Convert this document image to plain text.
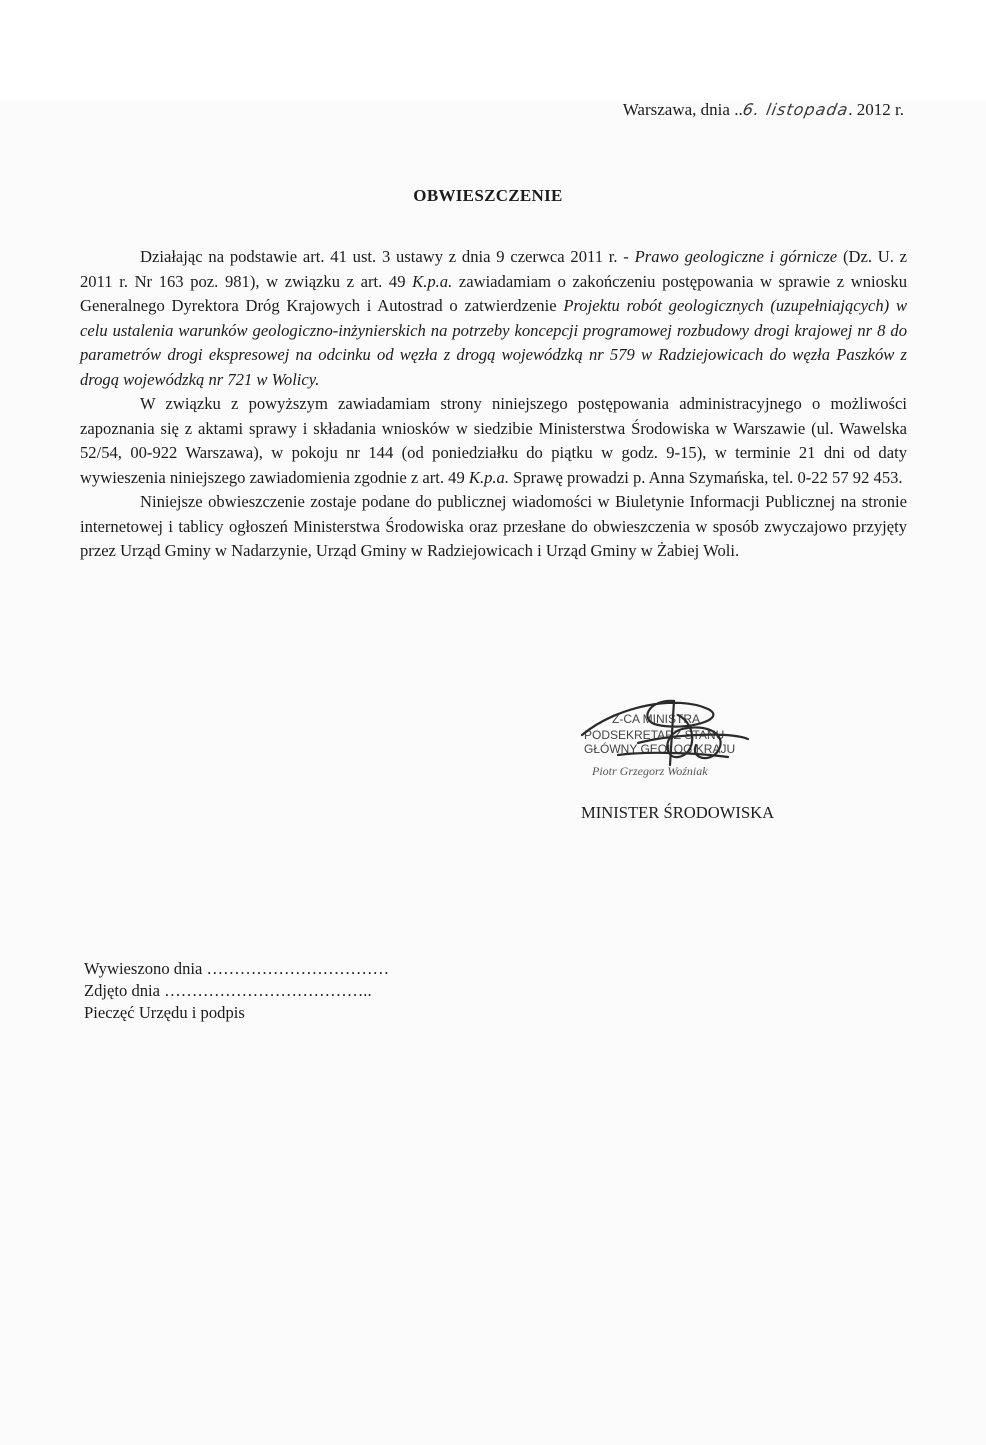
Warszawa, dnia ..6. listopada. 2012 r.
OBWIESZCZENIE

Działając na podstawie art. 41 ust. 3 ustawy z dnia 9 czerwca 2011 r. - Prawo geologiczne i górnicze (Dz. U. z 2011 r. Nr 163 poz. 981), w związku z art. 49 K.p.a. zawiadamiam o zakończeniu postępowania w sprawie z wniosku Generalnego Dyrektora Dróg Krajowych i Autostrad o zatwierdzenie Projektu robót geologicznych (uzupełniających) w celu ustalenia warunków geologiczno-inżynierskich na potrzeby koncepcji programowej rozbudowy drogi krajowej nr 8 do parametrów drogi ekspresowej na odcinku od węzła z drogą wojewódzką nr 579 w Radziejowicach do węzła Paszków z drogą wojewódzką nr 721 w Wolicy.

W związku z powyższym zawiadamiam strony niniejszego postępowania administracyjnego o możliwości zapoznania się z aktami sprawy i składania wniosków w siedzibie Ministerstwa Środowiska w Warszawie (ul. Wawelska 52/54, 00-922 Warszawa), w pokoju nr 144 (od poniedziałku do piątku w godz. 9-15), w terminie 21 dni od daty wywieszenia niniejszego zawiadomienia zgodnie z art. 49 K.p.a. Sprawę prowadzi p. Anna Szymańska, tel. 0-22 57 92 453.

Niniejsze obwieszczenie zostaje podane do publicznej wiadomości w Biuletynie Informacji Publicznej na stronie internetowej i tablicy ogłoszeń Ministerstwa Środowiska oraz przesłane do obwieszczenia w sposób zwyczajowo przyjęty przez Urząd Gminy w Nadarzynie, Urząd Gminy w Radziejowicach i Urząd Gminy w Żabiej Woli.

Z-CA MINISTRA
PODSEKRETARZ STANU
GŁÓWNY GEOLOG KRAJU
Piotr Grzegorz Woźniak
MINISTER ŚRODOWISKA
Wywieszono dnia ……………………………
Zdjęto dnia ………………………………..
Pieczęć Urzędu i podpis
